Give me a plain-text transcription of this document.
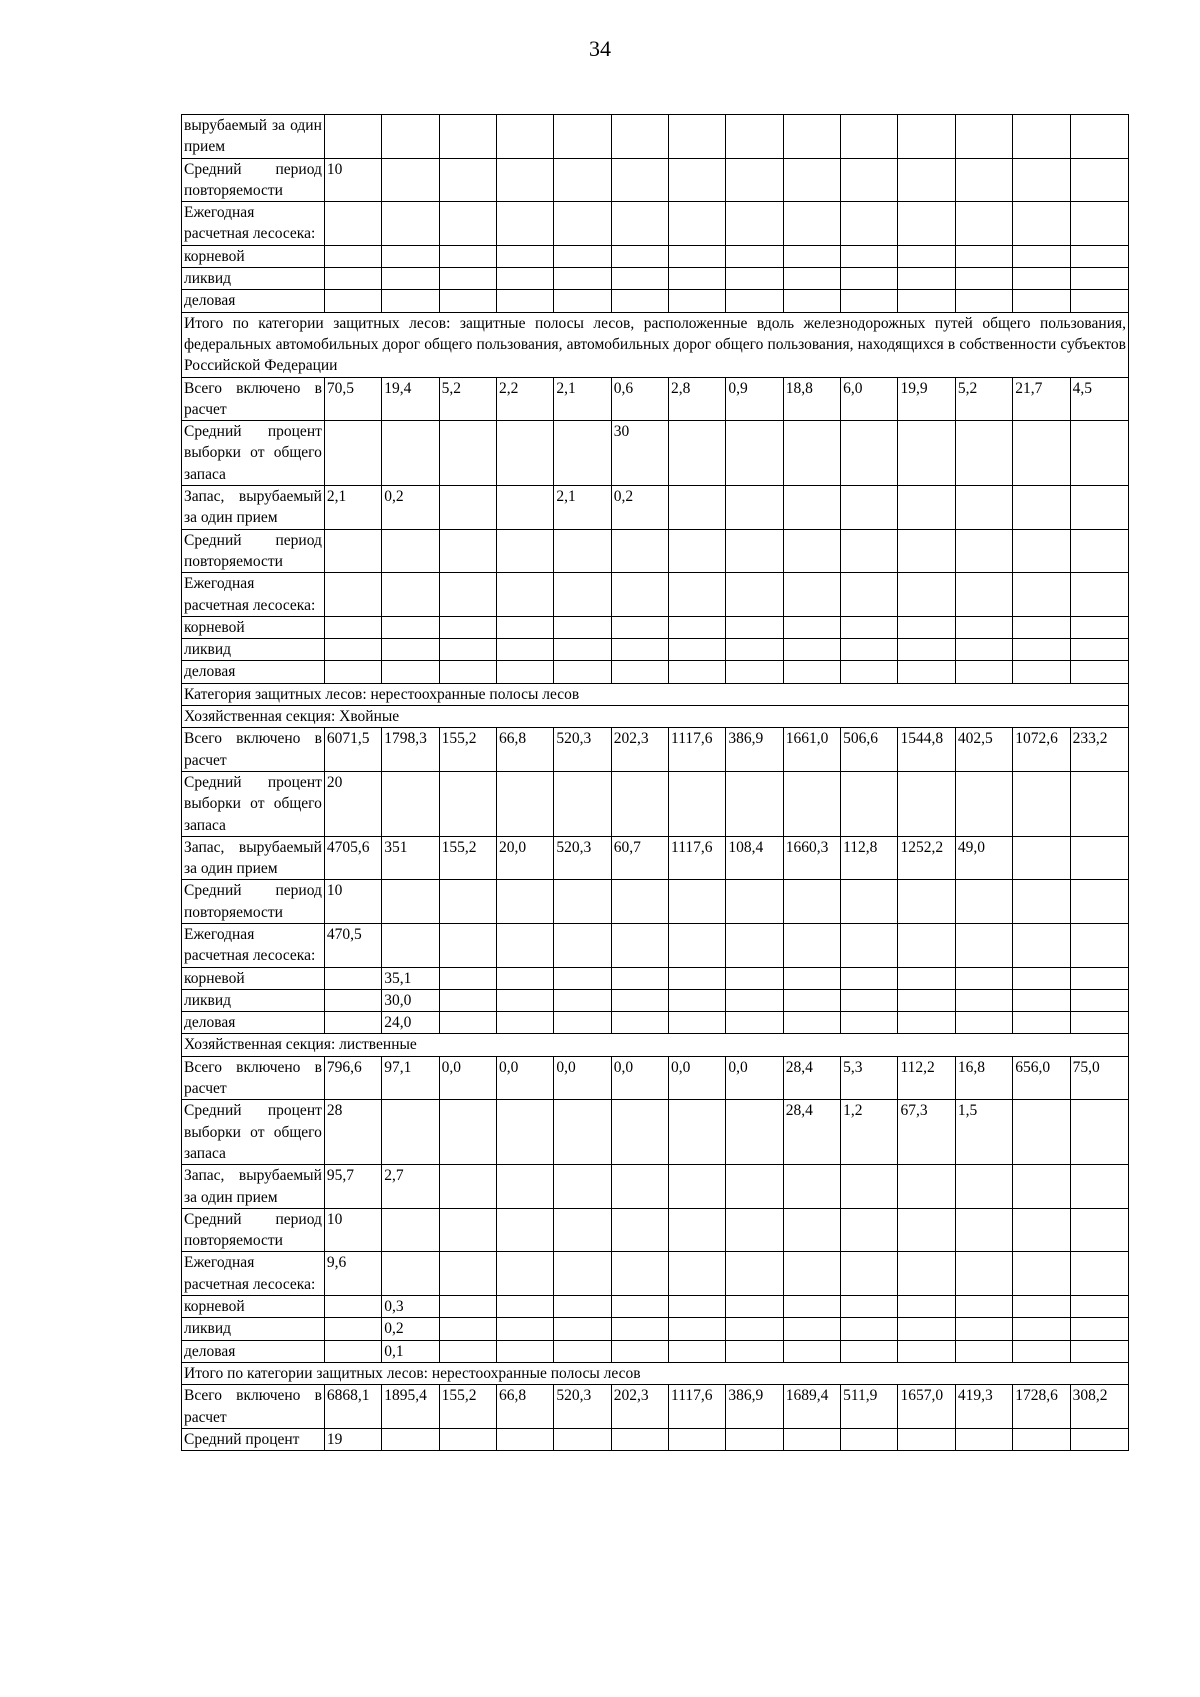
34
вырубаемый за один прием														
Средний период повторяемости	10													
Ежегодная расчетная лесосека:														
корневой														
ликвид														
деловая														
Итого по категории защитных лесов: защитные полосы лесов, расположенные вдоль железнодорожных путей общего пользования, федеральных автомобильных дорог общего пользования, автомобильных дорог общего пользования, находящихся в собственности субъектов Российской Федерации														
Всего включено в расчет	70,5	19,4	5,2	2,2	2,1	0,6	2,8	0,9	18,8	6,0	19,9	5,2	21,7	4,5
Средний процент выборки от общего запаса						30								
Запас, вырубаемый за один прием	2,1	0,2			2,1	0,2								
Средний период повторяемости														
Ежегодная расчетная лесосека:														
корневой														
ликвид														
деловая														
Категория защитных лесов: нерестоохранные полосы лесов														
Хозяйственная секция: Хвойные														
Всего включено в расчет	6071,5	1798,3	155,2	66,8	520,3	202,3	1117,6	386,9	1661,0	506,6	1544,8	402,5	1072,6	233,2
Средний процент выборки от общего запаса	20													
Запас, вырубаемый за один прием	4705,6	351	155,2	20,0	520,3	60,7	1117,6	108,4	1660,3	112,8	1252,2	49,0		
Средний период повторяемости	10													
Ежегодная расчетная лесосека:	470,5													
корневой		35,1												
ликвид		30,0												
деловая		24,0												
Хозяйственная секция: лиственные														
Всего включено в расчет	796,6	97,1	0,0	0,0	0,0	0,0	0,0	0,0	28,4	5,3	112,2	16,8	656,0	75,0
Средний процент выборки от общего запаса	28								28,4	1,2	67,3	1,5		
Запас, вырубаемый за один прием	95,7	2,7												
Средний период повторяемости	10													
Ежегодная расчетная лесосека:	9,6													
корневой		0,3												
ликвид		0,2												
деловая		0,1												
Итого по категории защитных лесов: нерестоохранные полосы лесов														
Всего включено в расчет	6868,1	1895,4	155,2	66,8	520,3	202,3	1117,6	386,9	1689,4	511,9	1657,0	419,3	1728,6	308,2
Средний процент	19													
